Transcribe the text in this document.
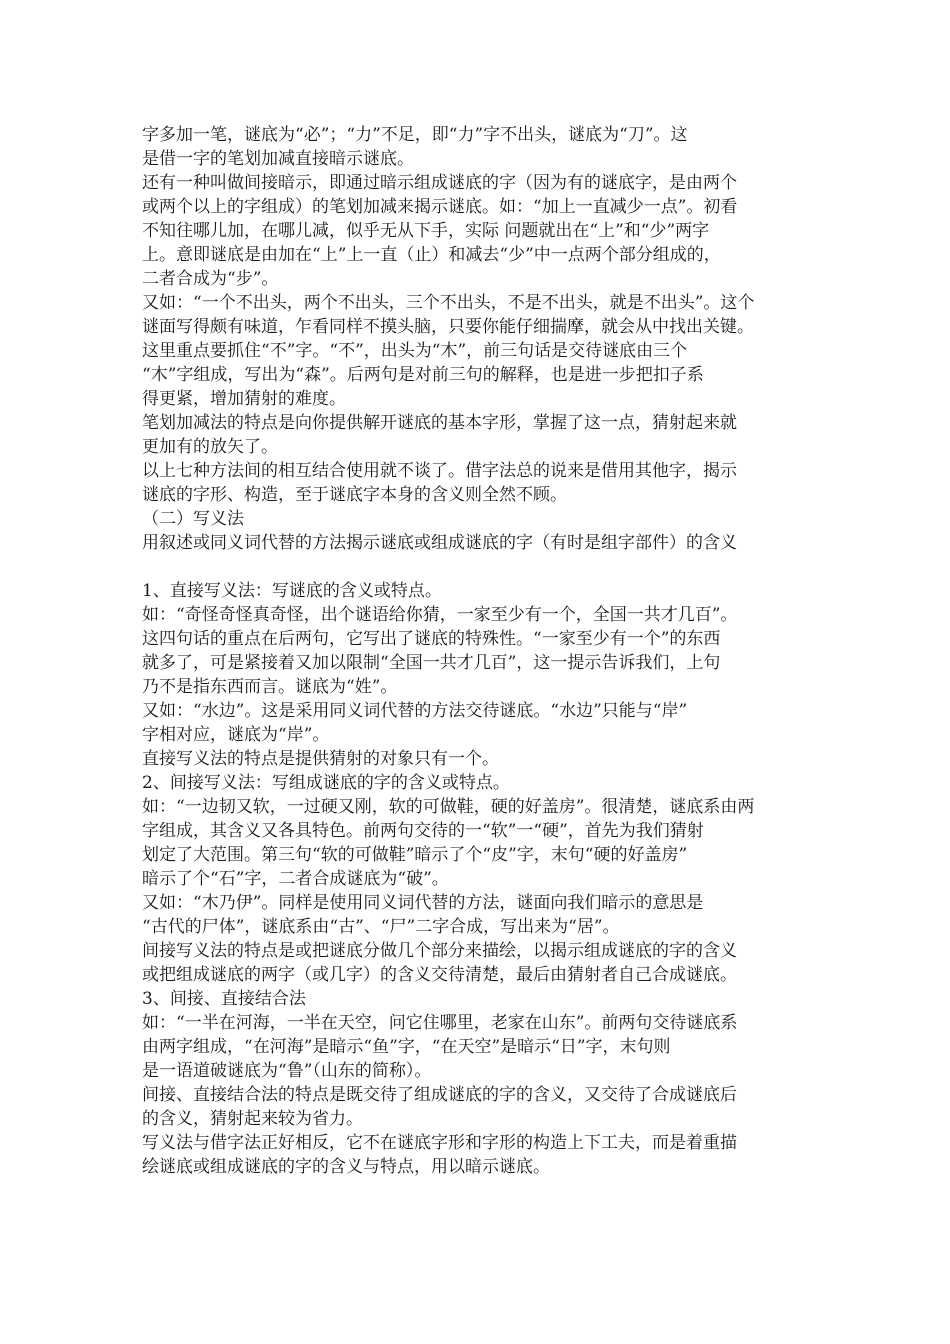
字多加一笔，谜底为“必”；“力”不足，即“力”字不出头，谜底为“刀”。这

是借一字的笔划加减直接暗示谜底。

还有一种叫做间接暗示，即通过暗示组成谜底的字（因为有的谜底字，是由两个

或两个以上的字组成）的笔划加减来揭示谜底。如：“加上一直减少一点”。初看

不知往哪儿加，在哪儿减，似乎无从下手，实际 问题就出在“上”和“少”两字

上。意即谜底是由加在“上”上一直（止）和减去“少”中一点两个部分组成的，

二者合成为“步”。

又如：“一个不出头，两个不出头，三个不出头，不是不出头，就是不出头”。这个

谜面写得颇有味道，乍看同样不摸头脑，只要你能仔细揣摩，就会从中找出关键。

这里重点要抓住“不”字。“不”，出头为“木”，前三句话是交待谜底由三个

“木”字组成，写出为“森”。后两句是对前三句的解释，也是进一步把扣子系

得更紧，增加猜射的难度。

笔划加减法的特点是向你提供解开谜底的基本字形，掌握了这一点，猜射起来就

更加有的放矢了。

以上七种方法间的相互结合使用就不谈了。借字法总的说来是借用其他字，揭示

谜底的字形、构造，至于谜底字本身的含义则全然不顾。

（二）写义法

用叙述或同义词代替的方法揭示谜底或组成谜底的字（有时是组字部件）的含义

1、直接写义法：写谜底的含义或特点。

如：“奇怪奇怪真奇怪，出个谜语给你猜，一家至少有一个，全国一共才几百”。

这四句话的重点在后两句，它写出了谜底的特殊性。“一家至少有一个”的东西

就多了，可是紧接着又加以限制“全国一共才几百”，这一提示告诉我们，上句

乃不是指东西而言。谜底为“姓”。

又如：“水边”。这是采用同义词代替的方法交待谜底。“水边”只能与“岸”

字相对应，谜底为“岸”。

直接写义法的特点是提供猜射的对象只有一个。

2、间接写义法：写组成谜底的字的含义或特点。

如：“一边韧又软，一过硬又刚，软的可做鞋，硬的好盖房”。很清楚，谜底系由两

字组成，其含义又各具特色。前两句交待的一“软”一“硬”，首先为我们猜射

划定了大范围。第三句“软的可做鞋”暗示了个“皮”字，末句“硬的好盖房”

暗示了个“石”字，二者合成谜底为“破”。

又如：“木乃伊”。同样是使用同义词代替的方法，谜面向我们暗示的意思是

“古代的尸体”，谜底系由“古”、“尸”二字合成，写出来为“居”。

间接写义法的特点是或把谜底分做几个部分来描绘，以揭示组成谜底的字的含义

或把组成谜底的两字（或几字）的含义交待清楚，最后由猜射者自己合成谜底。

3、间接、直接结合法

如：“一半在河海，一半在天空，问它住哪里，老家在山东”。前两句交待谜底系

由两字组成，“在河海”是暗示“鱼”字，“在天空”是暗示“日”字，末句则

是一语道破谜底为“鲁”（山东的简称）。

间接、直接结合法的特点是既交待了组成谜底的字的含义，又交待了合成谜底后

的含义，猜射起来较为省力。

写义法与借字法正好相反，它不在谜底字形和字形的构造上下工夫，而是着重描

绘谜底或组成谜底的字的含义与特点，用以暗示谜底。
